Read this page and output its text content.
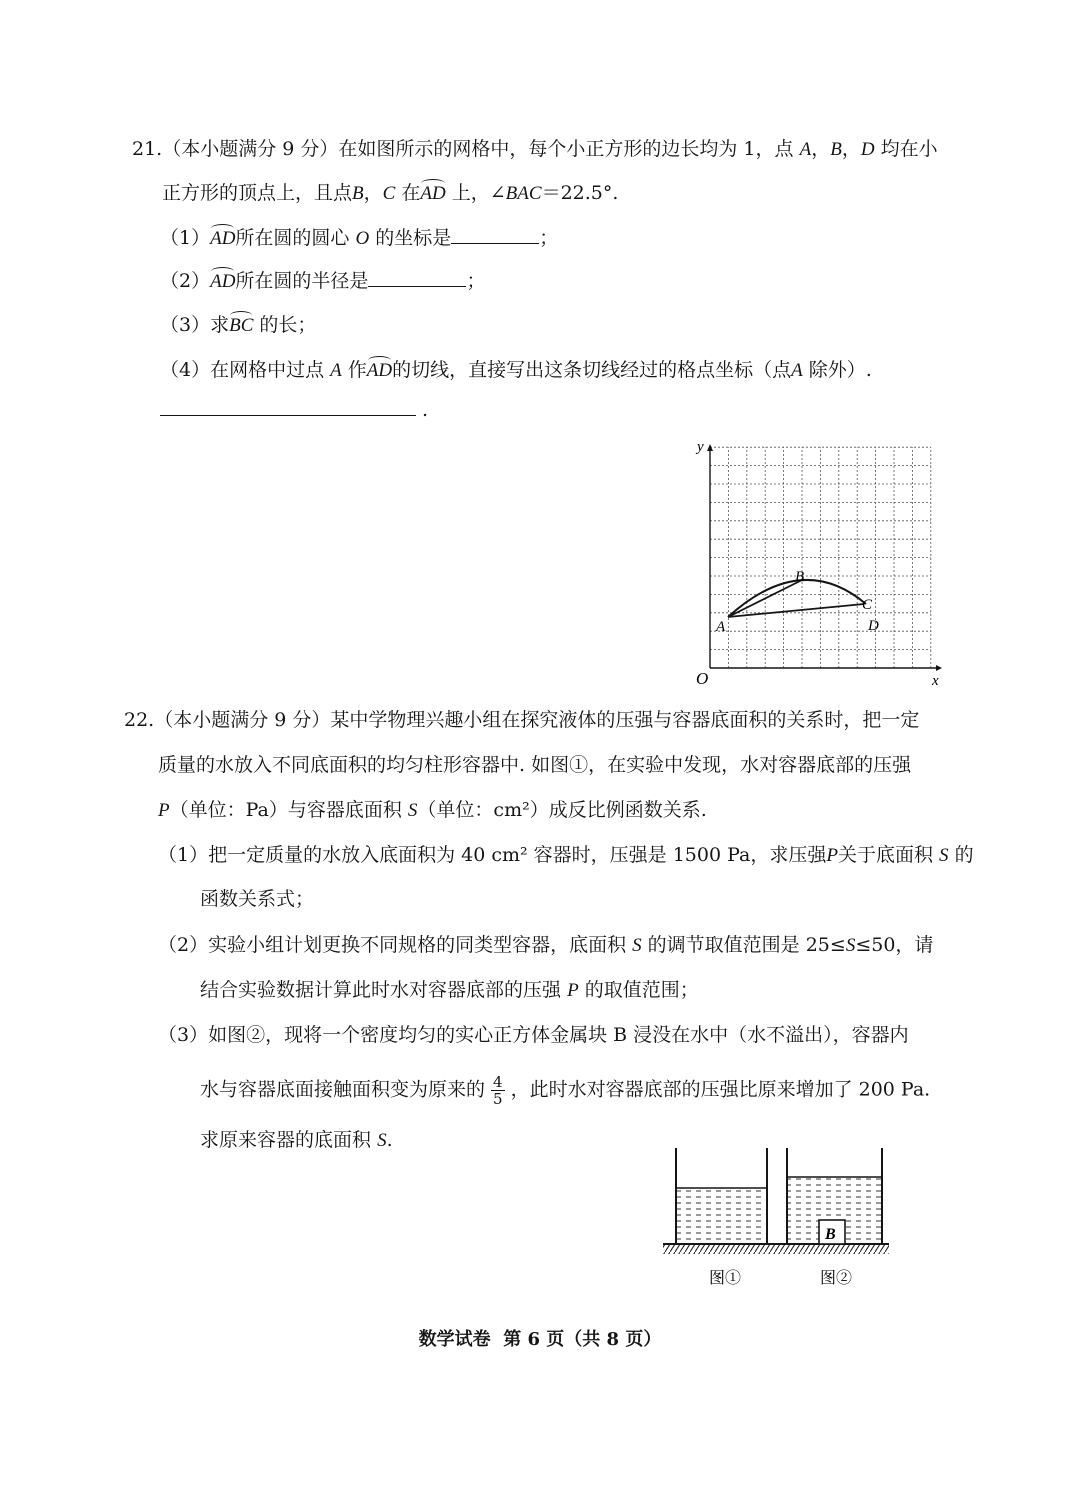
21.（本小题满分 9 分）在如图所示的网格中，每个小正方形的边长均为 1，点 A，B，D 均在小
正方形的顶点上，且点B，C 在AD 上，∠BAC＝22.5°.
（1）AD所在圆的圆心 O 的坐标是	；
（2）AD所在圆的半径是	；
（3）求BC 的长；
（4）在网格中过点 A 作AD的切线，直接写出这条切线经过的格点坐标（点A 除外）.
.
y
x
O
A
B
C
D
22.（本小题满分 9 分）某中学物理兴趣小组在探究液体的压强与容器底面积的关系时，把一定
质量的水放入不同底面积的均匀柱形容器中. 如图①，在实验中发现，水对容器底部的压强
P（单位：Pa）与容器底面积 S（单位：cm²）成反比例函数关系.
（1）把一定质量的水放入底面积为 40 cm² 容器时，压强是 1500 Pa，求压强P关于底面积 S 的
函数关系式；
（2）实验小组计划更换不同规格的同类型容器，底面积 S 的调节取值范围是 25≤S≤50，请
结合实验数据计算此时水对容器底部的压强 P 的取值范围；
（3）如图②，现将一个密度均匀的实心正方体金属块 B 浸没在水中（水不溢出），容器内
水与容器底面接触面积变为原来的 $\frac{4}{5}$ ，此时水对容器底部的压强比原来增加了 200 Pa.
求原来容器的底面积 S.
B
图①	图②
数学试卷  第 6 页（共 8 页）
